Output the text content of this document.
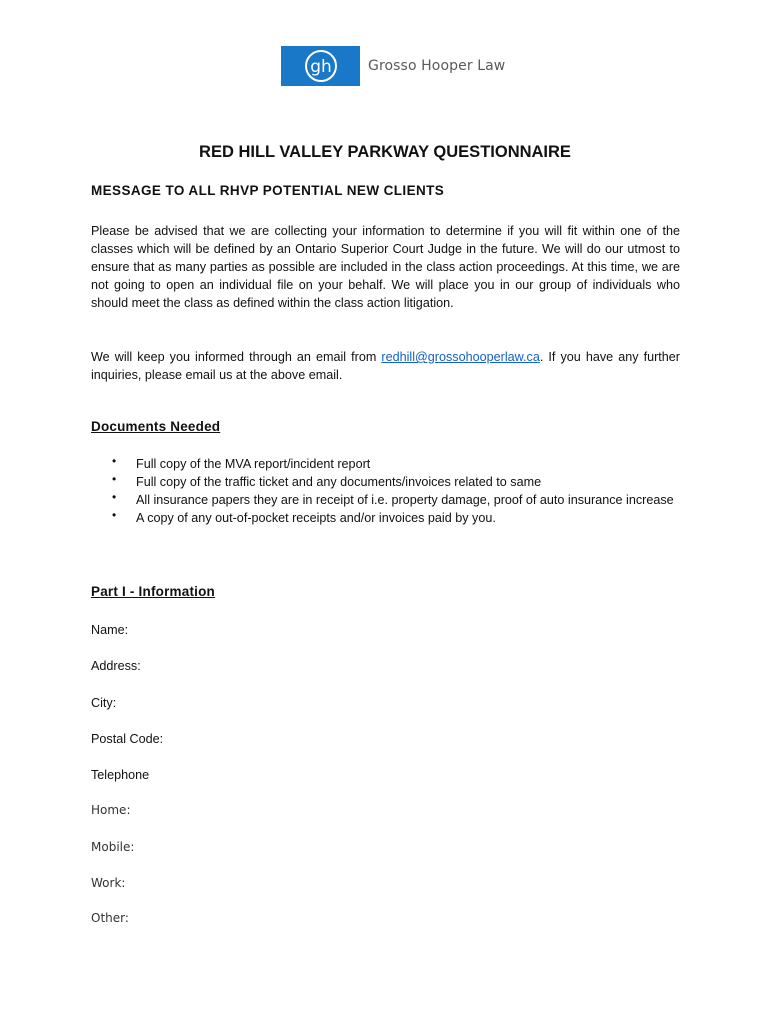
gh	Grosso Hooper Law
RED HILL VALLEY PARKWAY QUESTIONNAIRE
MESSAGE TO ALL RHVP POTENTIAL NEW CLIENTS

Please be advised that we are collecting your information to determine if you will fit within one of the classes which will be defined by an Ontario Superior Court Judge in the future. We will do our utmost to ensure that as many parties as possible are included in the class action proceedings. At this time, we are not going to open an individual file on your behalf. We will place you in our group of individuals who should meet the class as defined within the class action litigation.

We will keep you informed through an email from redhill@grossohooperlaw.ca. If you have any further inquiries, please email us at the above email.

Documents Needed
• Full copy of the MVA report/incident report
• Full copy of the traffic ticket and any documents/invoices related to same
• All insurance papers they are in receipt of i.e. property damage, proof of auto insurance increase
• A copy of any out-of-pocket receipts and/or invoices paid by you.
Part I - Information
Name:
Address:
City:
Postal Code:
Telephone
Home:
Mobile:
Work:
Other:
